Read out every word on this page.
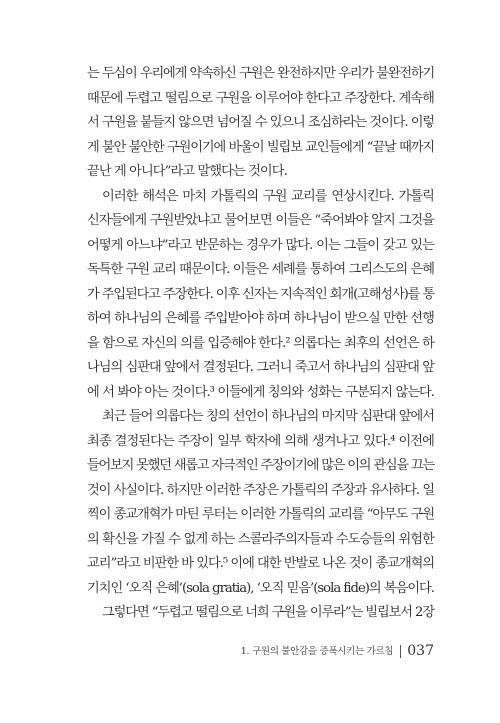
는 두심이 우리에게 약속하신 구원은 완전하지만 우리가 불완전하기
때문에 두렵고 떨림으로 구원을 이루어야 한다고 주장한다. 계속해
서 구원을 붙들지 않으면 넘어질 수 있으니 조심하라는 것이다. 이렇
게 불안 불안한 구원이기에 바울이 빌립보 교인들에게 “끝날 때까지
끝난 게 아니다”라고 말했다는 것이다.
이러한 해석은 마치 가톨릭의 구원 교리를 연상시킨다. 가톨릭
신자들에게 구원받았냐고 물어보면 이들은 “죽어봐야 알지 그것을
어떻게 아느냐”라고 반문하는 경우가 많다. 이는 그들이 갖고 있는
독특한 구원 교리 때문이다. 이들은 세례를 통하여 그리스도의 은혜
가 주입된다고 주장한다. 이후 신자는 지속적인 회개(고해성사)를 통
하여 하나님의 은혜를 주입받아야 하며 하나님이 받으실 만한 선행
을 함으로 자신의 의를 입증해야 한다.² 의롭다는 최후의 선언은 하
나님의 심판대 앞에서 결정된다. 그러니 죽고서 하나님의 심판대 앞
에 서 봐야 아는 것이다.³ 이들에게 칭의와 성화는 구분되지 않는다.
최근 들어 의롭다는 칭의 선언이 하나님의 마지막 심판대 앞에서
최종 결정된다는 주장이 일부 학자에 의해 생겨나고 있다.⁴ 이전에
들어보지 못했던 새롭고 자극적인 주장이기에 많은 이의 관심을 끄는
것이 사실이다. 하지만 이러한 주장은 가톨릭의 주장과 유사하다. 일
찍이 종교개혁가 마틴 루터는 이러한 가톨릭의 교리를 “아무도 구원
의 확신을 가질 수 없게 하는 스콜라주의자들과 수도승들의 위험한
교리”라고 비판한 바 있다.⁵ 이에 대한 반발로 나온 것이 종교개혁의
기치인 ‘오직 은혜’(sola gratia), ‘오직 믿음’(sola fide)의 복음이다.
그렇다면 “두렵고 떨림으로 너희 구원을 이루라”는 빌립보서 2장
1. 구원의 불안감을 증폭시키는 가르침 037
